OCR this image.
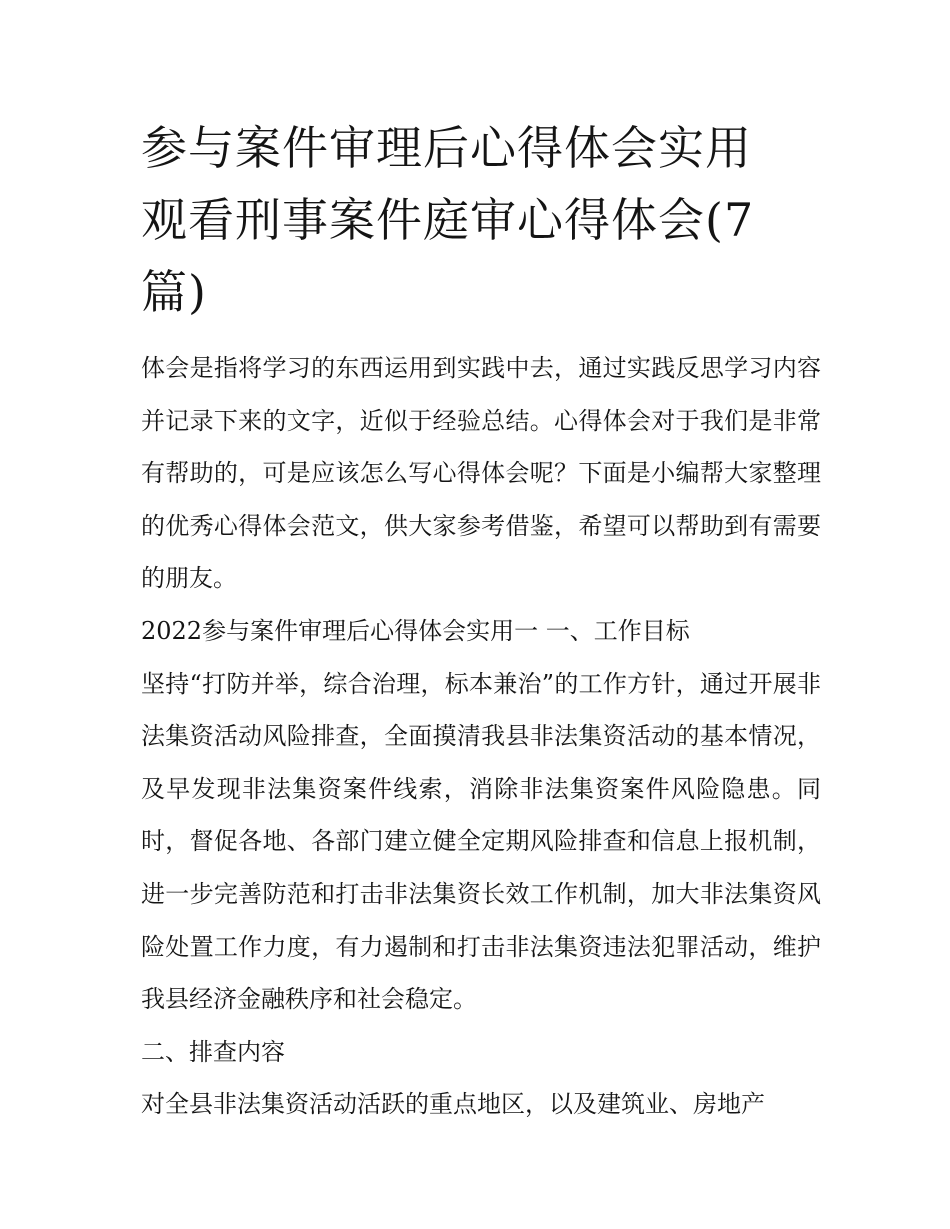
参与案件审理后心得体会实用
观看刑事案件庭审心得体会(7
篇)

体会是指将学习的东西运用到实践中去，通过实践反思学习内容并记录下来的文字，近似于经验总结。心得体会对于我们是非常有帮助的，可是应该怎么写心得体会呢？下面是小编帮大家整理的优秀心得体会范文，供大家参考借鉴，希望可以帮助到有需要的朋友。

2022参与案件审理后心得体会实用一 一、工作目标

坚持“打防并举，综合治理，标本兼治”的工作方针，通过开展非法集资活动风险排查，全面摸清我县非法集资活动的基本情况，及早发现非法集资案件线索，消除非法集资案件风险隐患。同时，督促各地、各部门建立健全定期风险排查和信息上报机制，进一步完善防范和打击非法集资长效工作机制，加大非法集资风险处置工作力度，有力遏制和打击非法集资违法犯罪活动，维护我县经济金融秩序和社会稳定。

二、排查内容

对全县非法集资活动活跃的重点地区，以及建筑业、房地产
